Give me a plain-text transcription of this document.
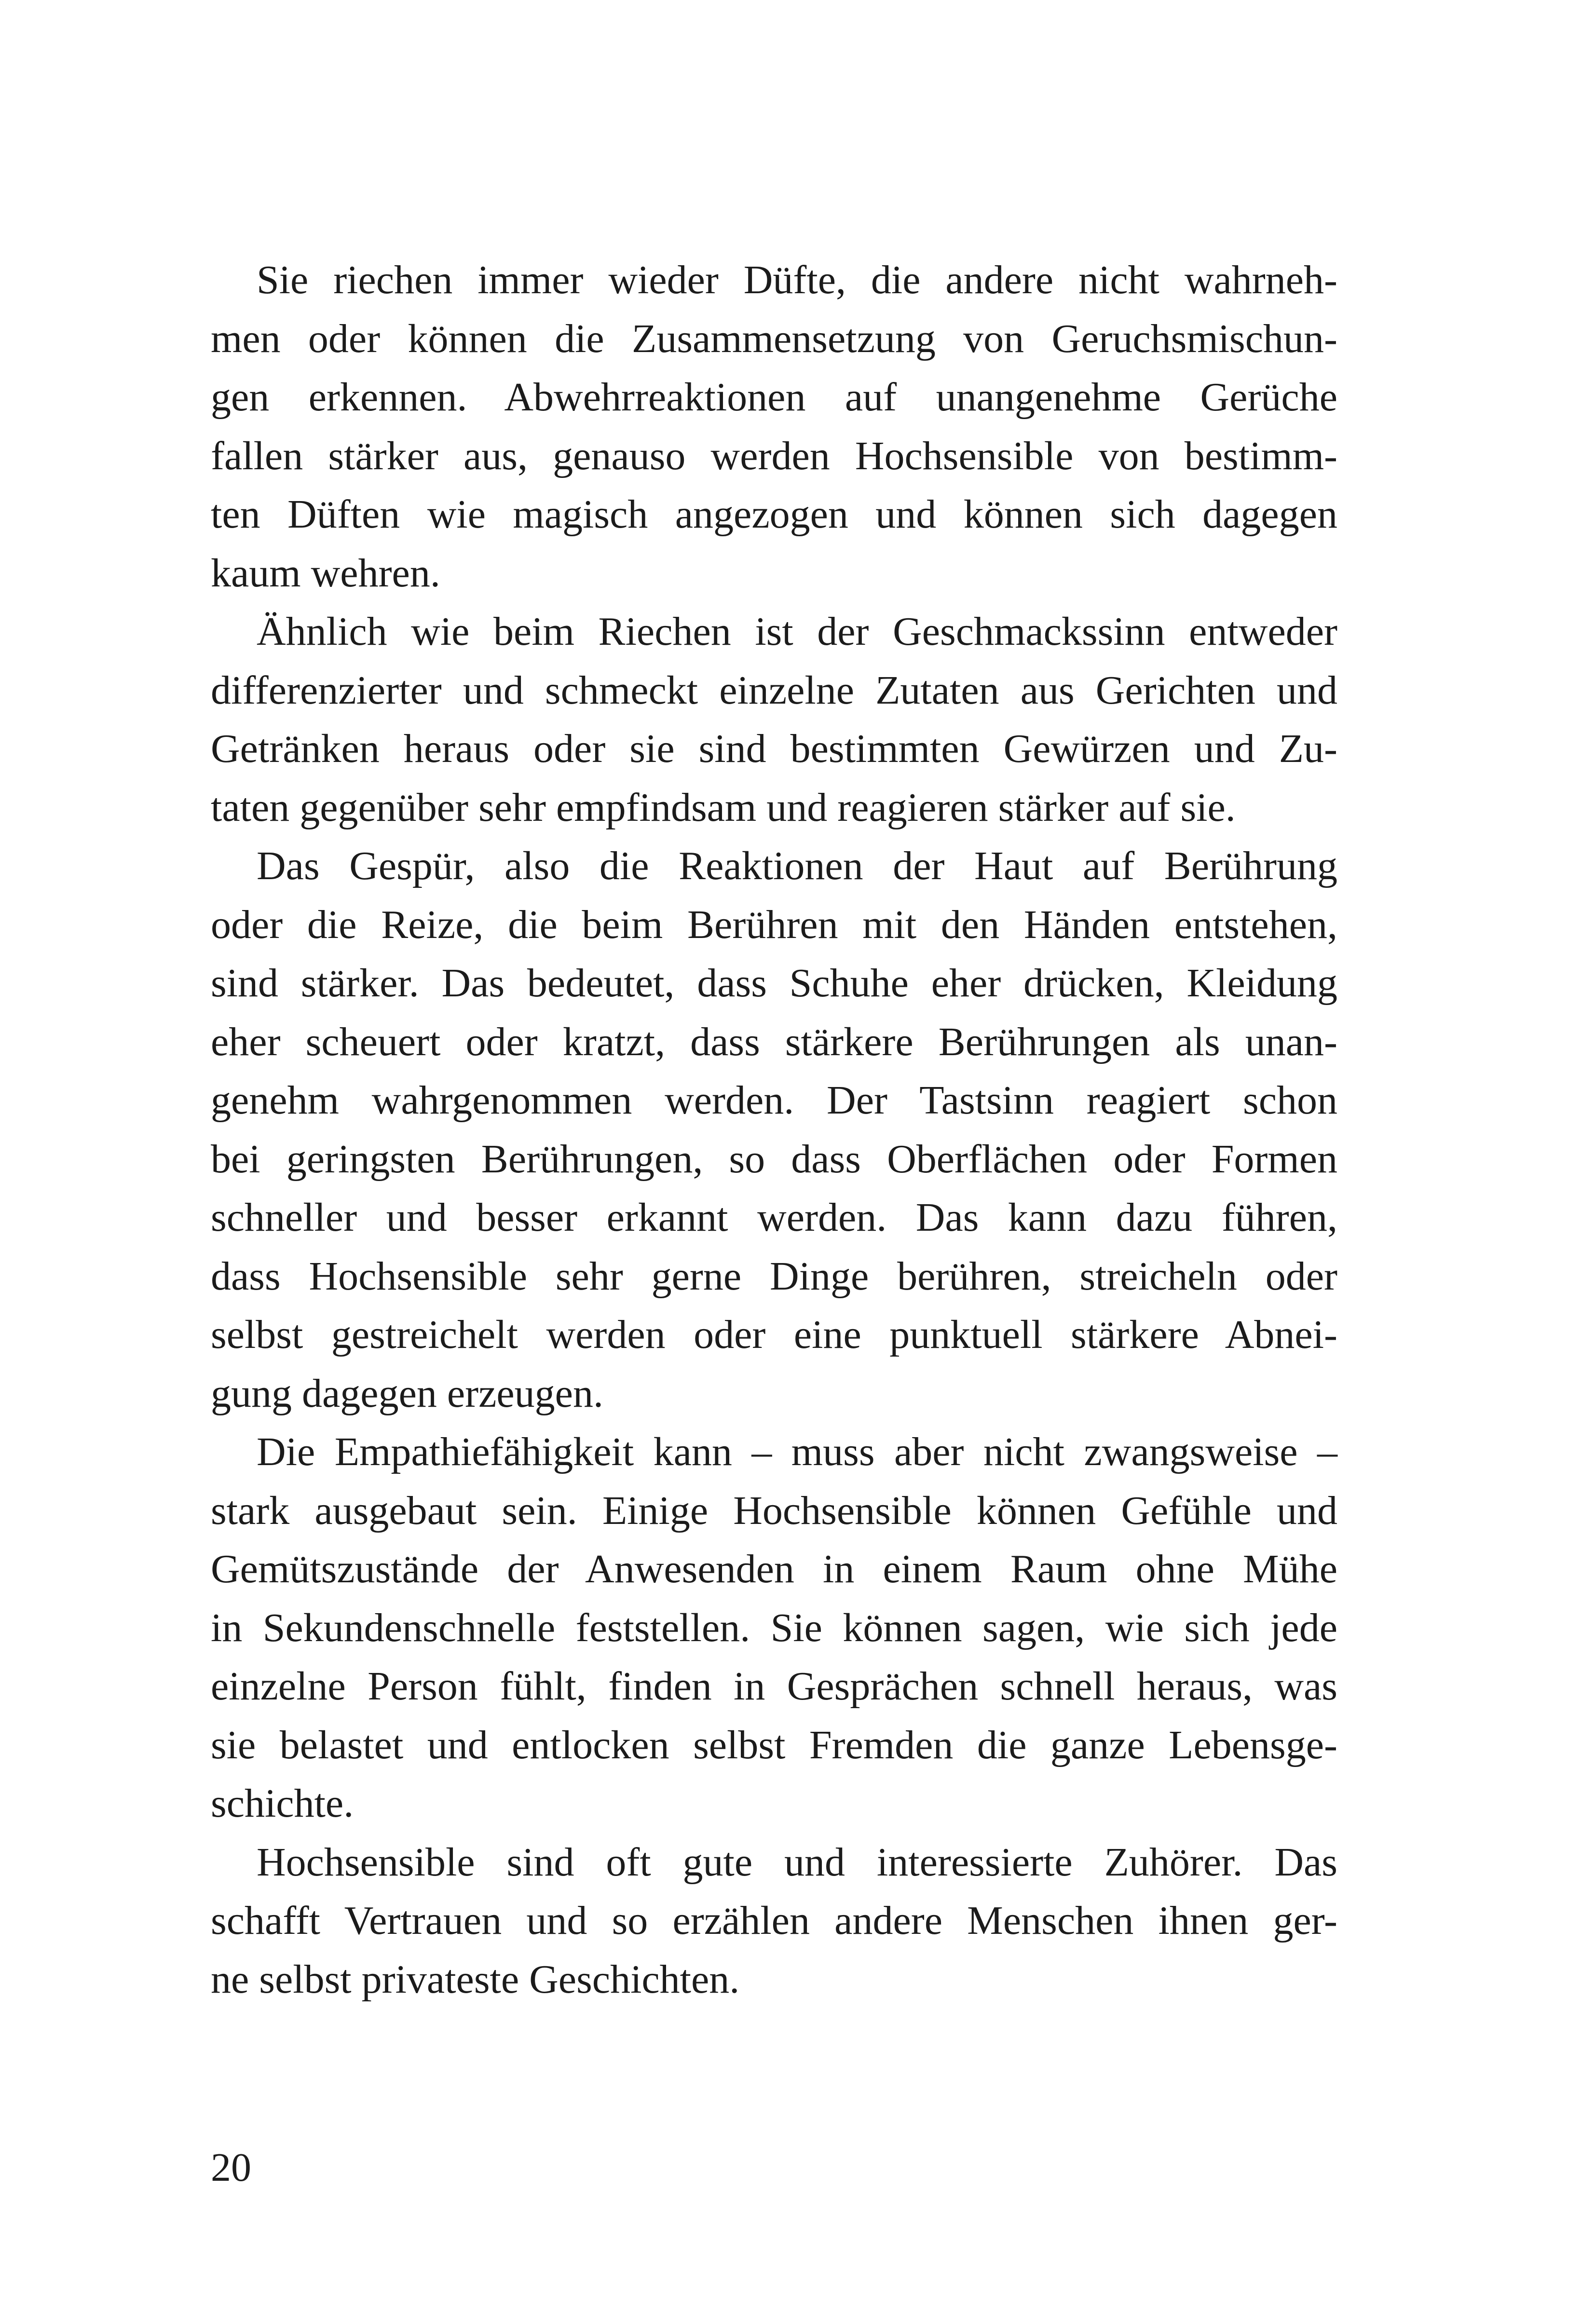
Sie riechen immer wieder Düfte, die andere nicht wahrneh-
men oder können die Zusammensetzung von Geruchsmischun-
gen erkennen. Abwehrreaktionen auf unangenehme Gerüche
fallen stärker aus, genauso werden Hochsensible von bestimm-
ten Düften wie magisch angezogen und können sich dagegen
kaum wehren.
Ähnlich wie beim Riechen ist der Geschmackssinn entweder
differenzierter und schmeckt einzelne Zutaten aus Gerichten und
Getränken heraus oder sie sind bestimmten Gewürzen und Zu-
taten gegenüber sehr empfindsam und reagieren stärker auf sie.
Das Gespür, also die Reaktionen der Haut auf Berührung
oder die Reize, die beim Berühren mit den Händen entstehen,
sind stärker. Das bedeutet, dass Schuhe eher drücken, Kleidung
eher scheuert oder kratzt, dass stärkere Berührungen als unan-
genehm wahrgenommen werden. Der Tastsinn reagiert schon
bei geringsten Berührungen, so dass Oberflächen oder Formen
schneller und besser erkannt werden. Das kann dazu führen,
dass Hochsensible sehr gerne Dinge berühren, streicheln oder
selbst gestreichelt werden oder eine punktuell stärkere Abnei-
gung dagegen erzeugen.
Die Empathiefähigkeit kann – muss aber nicht zwangsweise –
stark ausgebaut sein. Einige Hochsensible können Gefühle und
Gemütszustände der Anwesenden in einem Raum ohne Mühe
in Sekundenschnelle feststellen. Sie können sagen, wie sich jede
einzelne Person fühlt, finden in Gesprächen schnell heraus, was
sie belastet und entlocken selbst Fremden die ganze Lebensge-
schichte.
Hochsensible sind oft gute und interessierte Zuhörer. Das
schafft Vertrauen und so erzählen andere Menschen ihnen ger-
ne selbst privateste Geschichten.
20
